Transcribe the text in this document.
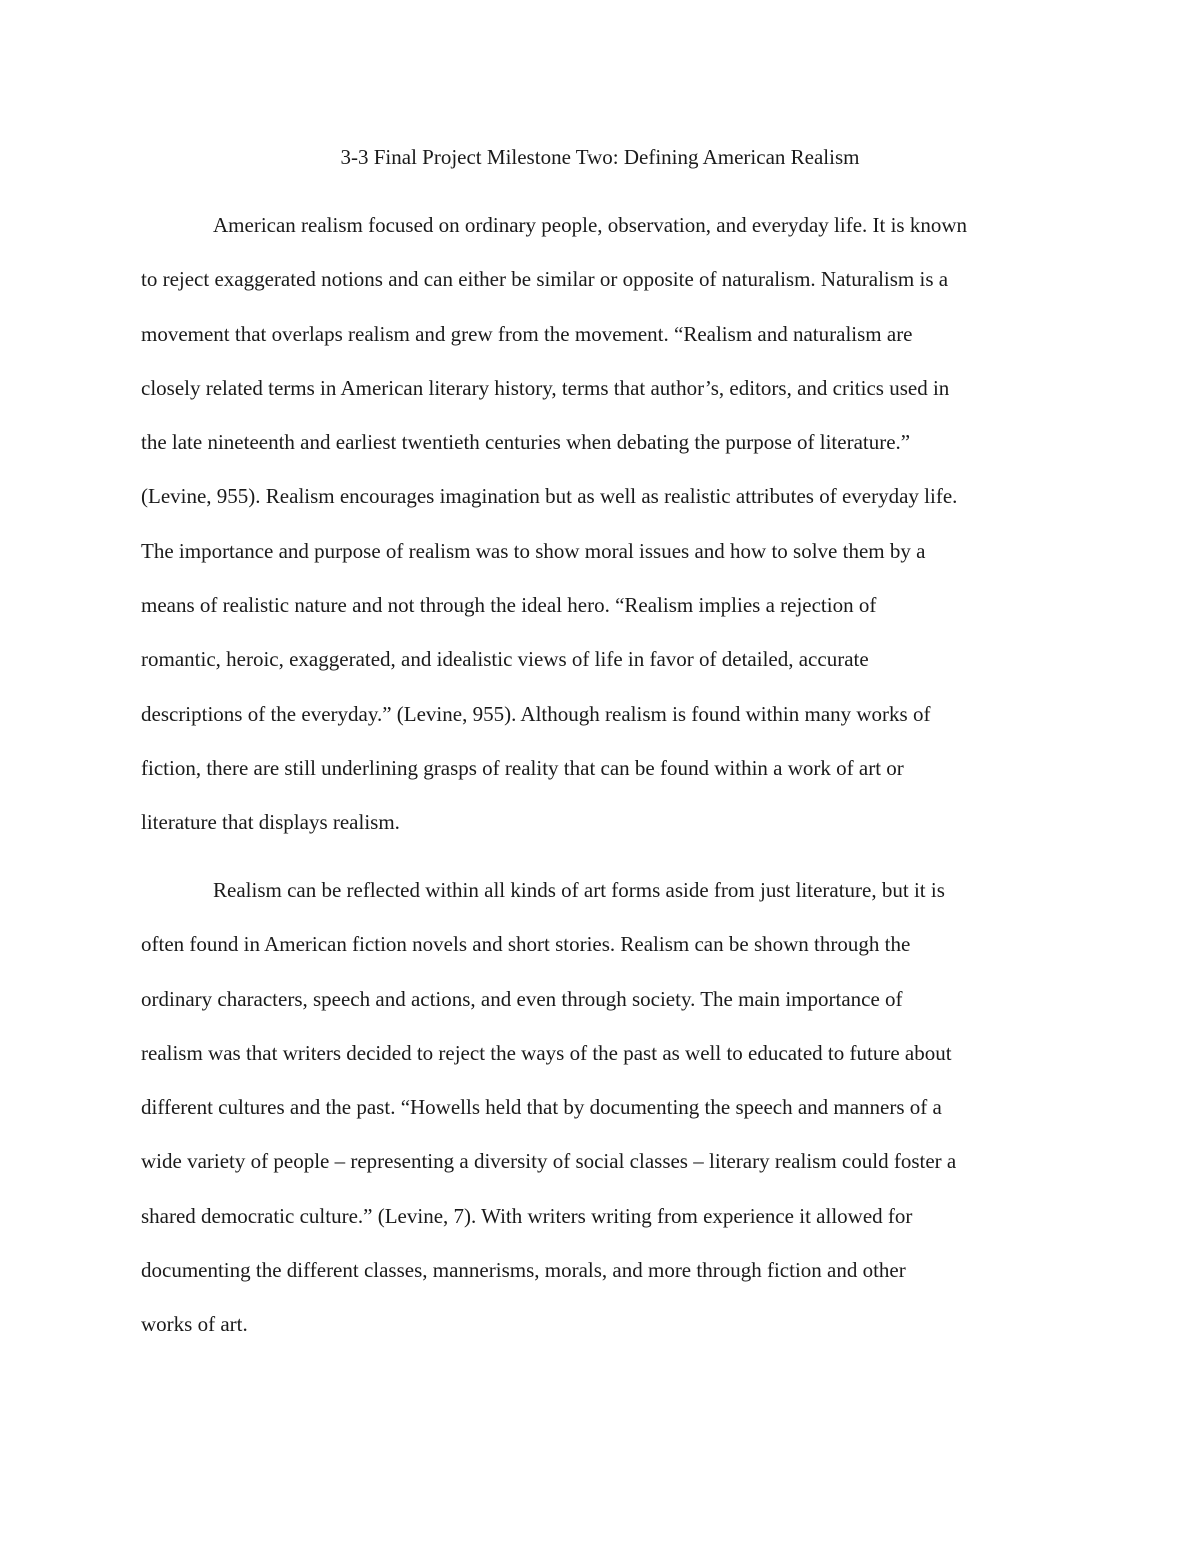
3-3 Final Project Milestone Two: Defining American Realism
American realism focused on ordinary people, observation, and everyday life. It is known
to reject exaggerated notions and can either be similar or opposite of naturalism. Naturalism is a
movement that overlaps realism and grew from the movement. “Realism and naturalism are
closely related terms in American literary history, terms that author’s, editors, and critics used in
the late nineteenth and earliest twentieth centuries when debating the purpose of literature.”
(Levine, 955). Realism encourages imagination but as well as realistic attributes of everyday life.
The importance and purpose of realism was to show moral issues and how to solve them by a
means of realistic nature and not through the ideal hero. “Realism implies a rejection of
romantic, heroic, exaggerated, and idealistic views of life in favor of detailed, accurate
descriptions of the everyday.” (Levine, 955). Although realism is found within many works of
fiction, there are still underlining grasps of reality that can be found within a work of art or
literature that displays realism.
Realism can be reflected within all kinds of art forms aside from just literature, but it is
often found in American fiction novels and short stories. Realism can be shown through the
ordinary characters, speech and actions, and even through society. The main importance of
realism was that writers decided to reject the ways of the past as well to educated to future about
different cultures and the past. “Howells held that by documenting the speech and manners of a
wide variety of people – representing a diversity of social classes – literary realism could foster a
shared democratic culture.” (Levine, 7). With writers writing from experience it allowed for
documenting the different classes, mannerisms, morals, and more through fiction and other
works of art.
